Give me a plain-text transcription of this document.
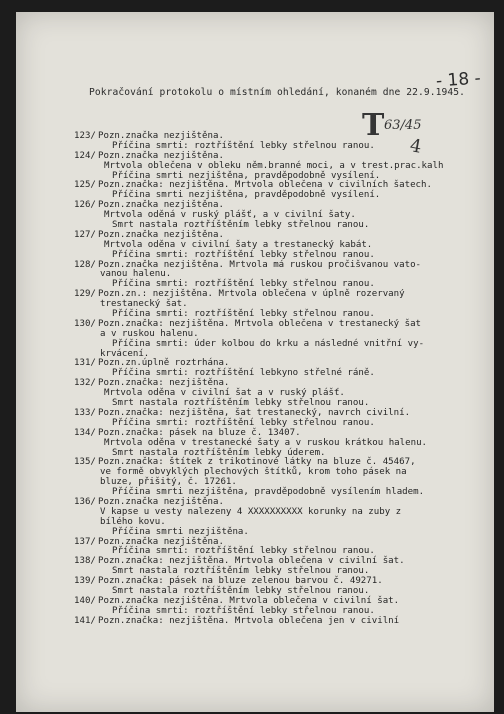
- 18 -
Pokračování protokolu o místním ohledání, konaném dne 22.9.1945.
T 63/45
4
123/ Pozn.značka nezjištěna.
Příčina smrti: roztříštění lebky střelnou ranou.
124/ Pozn.značka nezjištěna.
Mrtvola oblečena v obleku něm.branné moci, a v trest.prac.kalh
Příčina smrti nezjištěna, pravděpodobně vysílení.
125/ Pozn.značka: nezjištěna. Mrtvola oblečena v civilních šatech.
Příčina smrti nezjištěna, pravděpodobně vysílení.
126/ Pozn.značka nezjištěna.
Mrtvola oděná v ruský plášť, a v civilní šaty.
Smrt nastala roztříštěním lebky střelnou ranou.
127/ Pozn.značka nezjištěna.
Mrtvola oděna v civilní šaty a trestanecký kabát.
Příčina smrti: roztříštění lebky střelnou ranou.
128/ Pozn.značka nezjištěna. Mrtvola má ruskou pročišvanou vato-
vanou halenu.
Příčina smrti: roztříštění lebky střelnou ranou.
129/ Pozn.zn.: nezjištěna. Mrtvola oblečena v úplně rozervaný
trestanecký šat.
Příčina smrti: roztříštění lebky střelnou ranou.
130/ Pozn.značka: nezjištěna. Mrtvola oblečena v trestanecký šat
a v ruskou halenu.
Příčina smrti: úder kolbou do krku a následné vnitřní vy-
krvácení.
131/ Pozn.zn.úplně roztrhána.
Příčina smrti: roztříštění lebkyno střelné ráně.
132/ Pozn.značka: nezjištěna.
Mrtvola oděna v civilní šat a v ruský plášť.
Smrt nastala roztříštěním lebky střelnou ranou.
133/ Pozn.značka: nezjištěna, šat trestanecký, navrch civilní.
Příčina smrti: roztříštění lebky střelnou ranou.
134/ Pozn.značka: pásek na bluze č. 13407.
Mrtvola oděna v trestanecké šaty a v ruskou krátkou halenu.
Smrt nastala roztříštěním lebky úderem.
135/ Pozn.značka: štítek z trikotinové látky na bluze č. 45467,
ve formě obvyklých plechových štítků, krom toho pásek na
bluze, přišitý, č. 17261.
Příčina smrti nezjištěna, pravděpodobně vysílením hladem.
136/ Pozn.značka nezjištěna.
V kapse u vesty nalezeny 4 XXXXXXXXXX korunky na zuby z
bílého kovu.
Příčina smrti nezjištěna.
137/ Pozn.značka nezjištěna.
Příčina smrti: roztříštění lebky střelnou ranou.
138/ Pozn.značka: nezjištěna. Mrtvola oblečena v civilní šat.
Smrt nastala roztříštěním lebky střelnou ranou.
139/ Pozn.značka: pásek na bluze zelenou barvou č. 49271.
Smrt nastala roztříštěním lebky střelnou ranou.
140/ Pozn.značka nezjištěna. Mrtvola oblečena v civilní šat.
Příčina smrti: roztříštění lebky střelnou ranou.
141/ Pozn.značka: nezjištěna. Mrtvola oblečena jen v civilní
